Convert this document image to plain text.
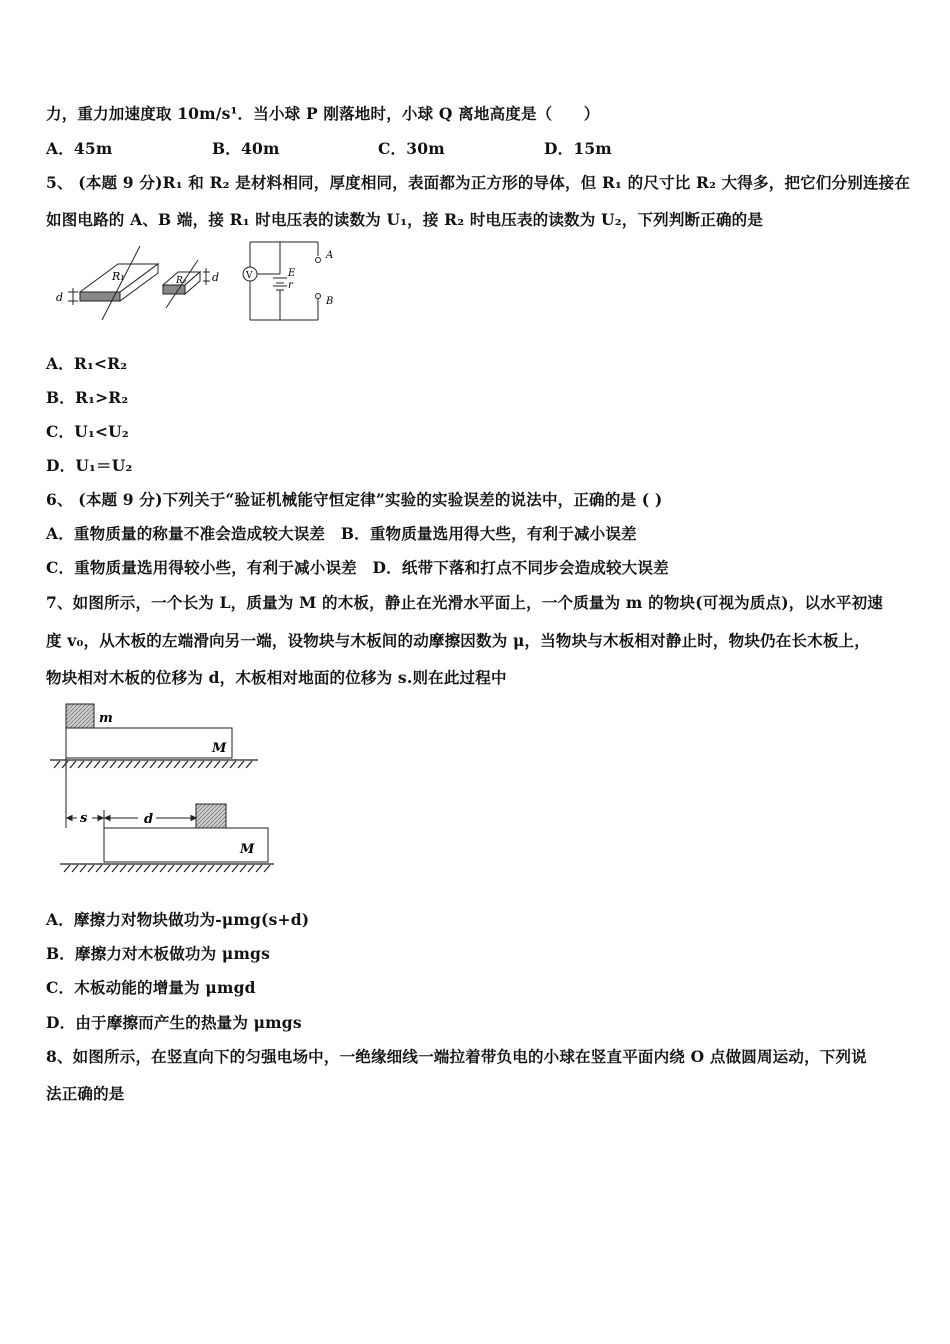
力，重力加速度取 10m/s¹．当小球 P 刚落地时，小球 Q 离地高度是（　　）
A．45m	B．40m	C．30m	D．15m
5、 (本题 9 分)R₁ 和 R₂ 是材料相同，厚度相同，表面都为正方形的导体，但 R₁ 的尺寸比 R₂ 大得多，把它们分别连接在
如图电路的 A、B 端，接 R₁ 时电压表的读数为 U₁，接 R₂ 时电压表的读数为 U₂，下列判断正确的是
R₁
d
R₂ d	V	E
r
A
B
A．R₁<R₂
B．R₁>R₂
C．U₁<U₂
D．U₁＝U₂
6、 (本题 9 分)下列关于“验证机械能守恒定律”实验的实验误差的说法中，正确的是 ( )
A．重物质量的称量不准会造成较大误差　B．重物质量选用得大些，有利于减小误差
C．重物质量选用得较小些，有利于减小误差　D．纸带下落和打点不同步会造成较大误差
7、如图所示，一个长为 L，质量为 M 的木板，静止在光滑水平面上，一个质量为 m 的物块(可视为质点)，以水平初速
度 v₀，从木板的左端滑向另一端，设物块与木板间的动摩擦因数为 μ，当物块与木板相对静止时，物块仍在长木板上，
物块相对木板的位移为 d，木板相对地面的位移为 s.则在此过程中
m
M
s	d
M
A．摩擦力对物块做功为-μmg(s+d)
B．摩擦力对木板做功为 μmgs
C．木板动能的增量为 μmgd
D．由于摩擦而产生的热量为 μmgs
8、如图所示，在竖直向下的匀强电场中，一绝缘细线一端拉着带负电的小球在竖直平面内绕 O 点做圆周运动，下列说
法正确的是
